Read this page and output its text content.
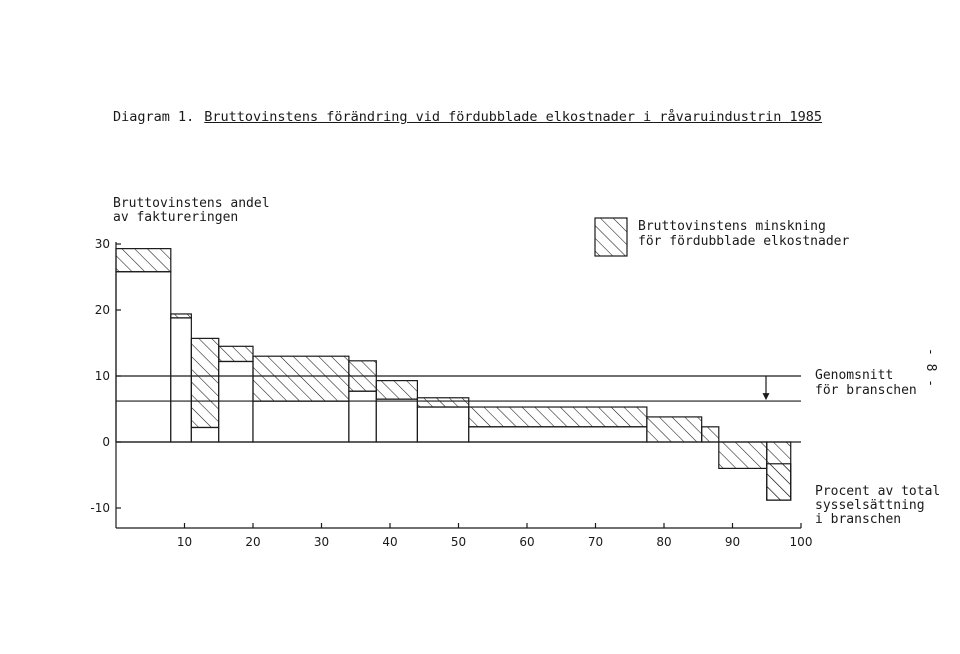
Diagram 1. Bruttovinstens förändring vid fördubblade elkostnader i råvaruindustrin 1985
Bruttovinstens andel
av faktureringen
Bruttovinstens minskning
för fördubblade elkostnader
Genomsnitt
för branschen
Procent av total
sysselsättning
i branschen
- 8 -
30
20
10
0
-10
10	20	30	40	50	60	70	80	90	100
